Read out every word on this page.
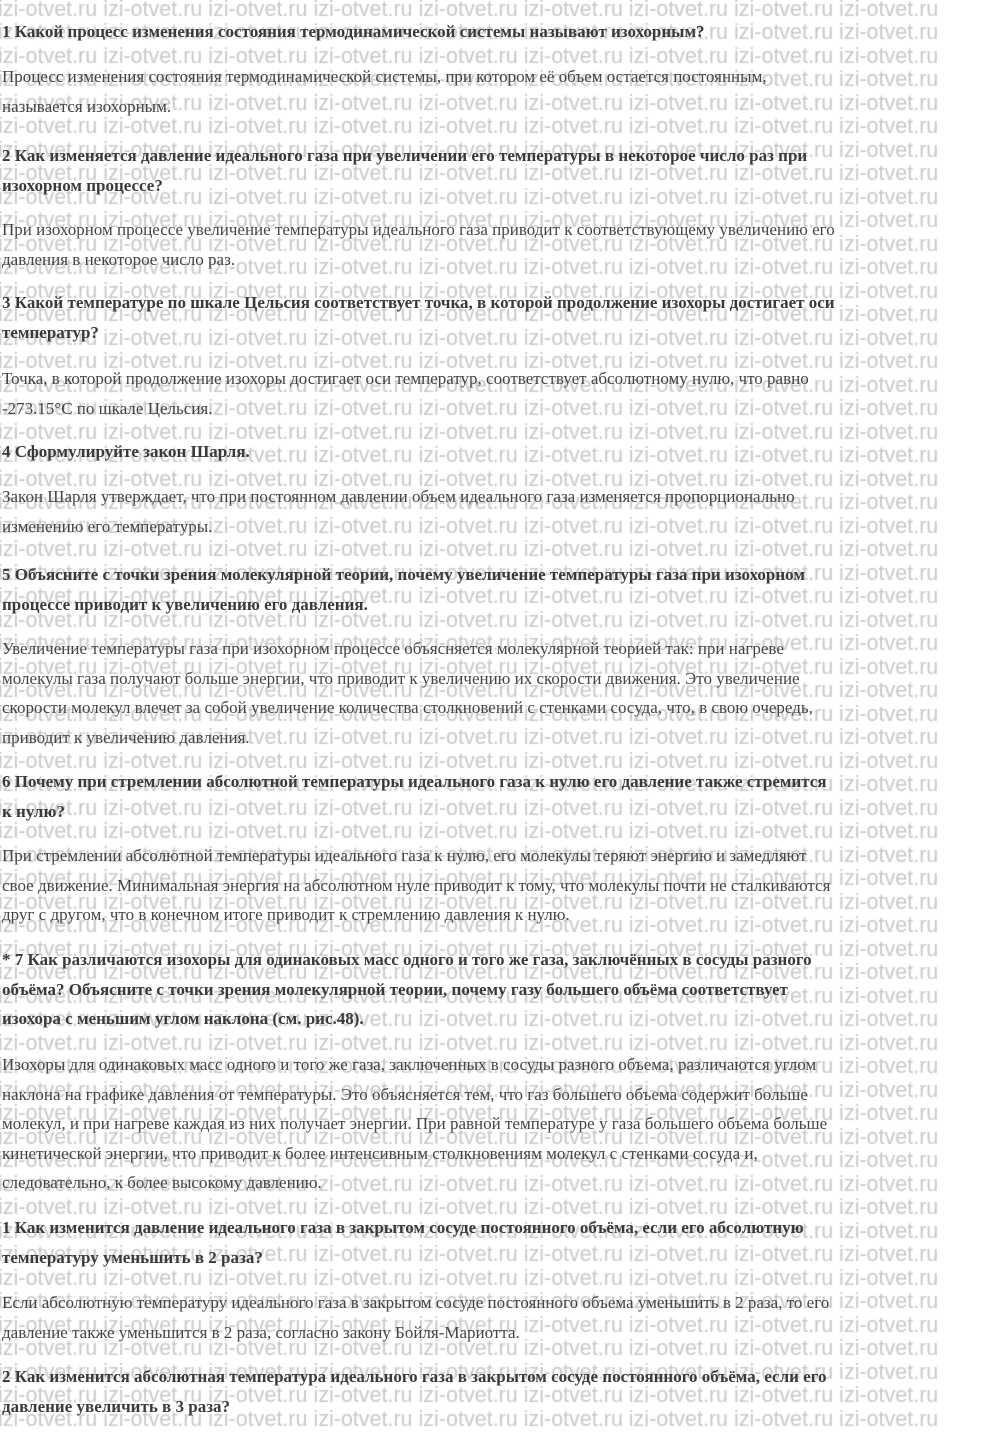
1 Какой процесс изменения состояния термодинамической системы называют изохорным?
Процесс изменения состояния термодинамической системы, при котором её объем остается постоянным,
называется изохорным.
2 Как изменяется давление идеального газа при увеличении его температуры в некоторое число раз при
изохорном процессе?
При изохорном процессе увеличение температуры идеального газа приводит к соответствующему увеличению его
давления в некоторое число раз.
3 Какой температуре по шкале Цельсия соответствует точка, в которой продолжение изохоры достигает оси
температур?
Точка, в которой продолжение изохоры достигает оси температур, соответствует абсолютному нулю, что равно
-273.15°C по шкале Цельсия.
4 Сформулируйте закон Шарля.
Закон Шарля утверждает, что при постоянном давлении объем идеального газа изменяется пропорционально
изменению его температуры.
5 Объясните с точки зрения молекулярной теории, почему увеличение температуры газа при изохорном
процессе приводит к увеличению его давления.
Увеличение температуры газа при изохорном процессе объясняется молекулярной теорией так: при нагреве
молекулы газа получают больше энергии, что приводит к увеличению их скорости движения. Это увеличение
скорости молекул влечет за собой увеличение количества столкновений с стенками сосуда, что, в свою очередь,
приводит к увеличению давления.
6 Почему при стремлении абсолютной температуры идеального газа к нулю его давление также стремится
к нулю?
При стремлении абсолютной температуры идеального газа к нулю, его молекулы теряют энергию и замедляют
свое движение. Минимальная энергия на абсолютном нуле приводит к тому, что молекулы почти не сталкиваются
друг с другом, что в конечном итоге приводит к стремлению давления к нулю.
* 7 Как различаются изохоры для одинаковых масс одного и того же газа, заключённых в сосуды разного
объёма? Объясните с точки зрения молекулярной теории, почему газу большего объёма соответствует
изохора с меньшим углом наклона (см. рис.48).
Изохоры для одинаковых масс одного и того же газа, заключенных в сосуды разного объема, различаются углом
наклона на графике давления от температуры. Это объясняется тем, что газ большего объема содержит больше
молекул, и при нагреве каждая из них получает энергии. При равной температуре у газа большего объема больше
кинетической энергии, что приводит к более интенсивным столкновениям молекул с стенками сосуда и,
следовательно, к более высокому давлению.
1 Как изменится давление идеального газа в закрытом сосуде постоянного объёма, если его абсолютную
температуру уменьшить в 2 раза?
Если абсолютную температуру идеального газа в закрытом сосуде постоянного объема уменьшить в 2 раза, то его
давление также уменьшится в 2 раза, согласно закону Бойля-Мариотта.
2 Как изменится абсолютная температура идеального газа в закрытом сосуде постоянного объёма, если его
давление увеличить в 3 раза?
